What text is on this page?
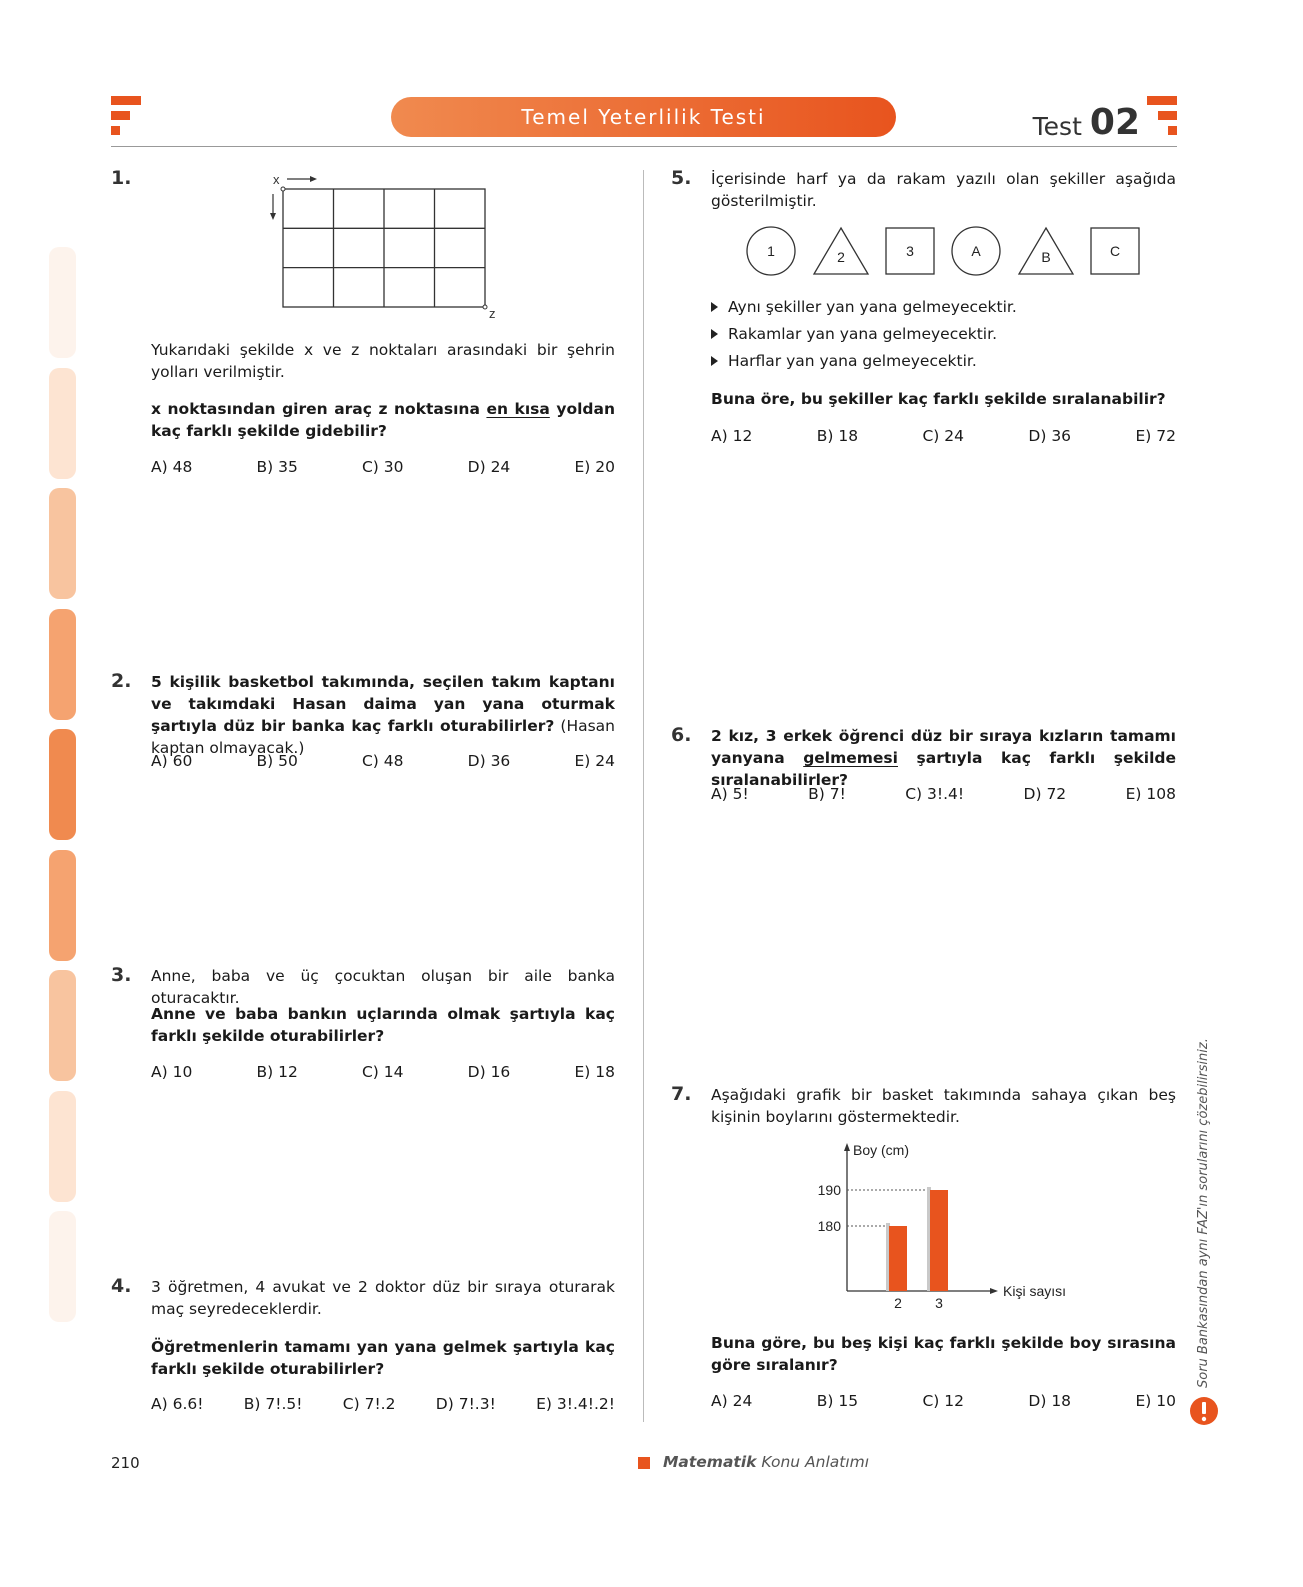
Temel Yeterlilik Testi	Test 02
1.	x
z
Yukarıdaki şekilde x ve z noktaları arasındaki bir şehrin yolları verilmiştir.
x noktasından giren araç z noktasına en kısa yoldan kaç farklı şekilde gidebilir?
A) 48	B) 35	C) 30	D) 24	E) 20
2. 5 kişilik basketbol takımında, seçilen takım kaptanı ve takımdaki Hasan daima yan yana oturmak şartıyla düz bir banka kaç farklı oturabilirler? (Hasan kaptan olmayacak.)
A) 60	B) 50	C) 48	D) 36	E) 24
3. Anne, baba ve üç çocuktan oluşan bir aile banka oturacaktır.
Anne ve baba bankın uçlarında olmak şartıyla kaç farklı şekilde oturabilirler?
A) 10	B) 12	C) 14	D) 16	E) 18
4. 3 öğretmen, 4 avukat ve 2 doktor düz bir sıraya oturarak maç seyredeceklerdir.
Öğretmenlerin tamamı yan yana gelmek şartıyla kaç farklı şekilde oturabilirler?
A) 6.6!	B) 7!.5!	C) 7!.2	D) 7!.3!	E) 3!.4!.2!
5. İçerisinde harf ya da rakam yazılı olan şekiller aşağıda gösterilmiştir.
1	2	3	A	B	C
Aynı şekiller yan yana gelmeyecektir.
Rakamlar yan yana gelmeyecektir.
Harflar yan yana gelmeyecektir.
Buna öre, bu şekiller kaç farklı şekilde sıralanabilir?
A) 12	B) 18	C) 24	D) 36	E) 72
6. 2 kız, 3 erkek öğrenci düz bir sıraya kızların tamamı yanyana gelmemesi şartıyla kaç farklı şekilde sıralanabilirler?
A) 5!	B) 7!	C) 3!.4!	D) 72	E) 108
7. Aşağıdaki grafik bir basket takımında sahaya çıkan beş kişinin boylarını göstermektedir.
Boy (cm)
Kişi sayısı
2 3
190
180
Buna göre, bu beş kişi kaç farklı şekilde boy sırasına göre sıralanır?
A) 24	B) 15	C) 12	D) 18	E) 10
Soru Bankasından aynı FAZ'ın sorularını çözebilirsiniz.
210	Matematik Konu Anlatımı
